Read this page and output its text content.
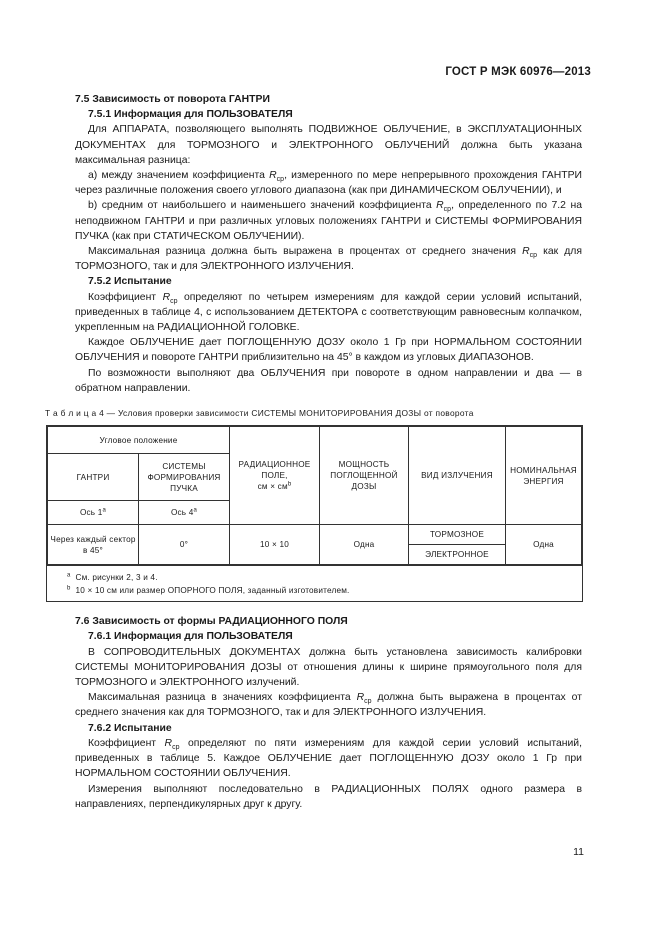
ГОСТ Р МЭК 60976—2013

7.5 Зависимость от поворота ГАНТРИ

7.5.1 Информация для ПОЛЬЗОВАТЕЛЯ

Для АППАРАТА, позволяющего выполнять ПОДВИЖНОЕ ОБЛУЧЕНИЕ, в ЭКСПЛУАТАЦИОННЫХ ДОКУМЕНТАХ для ТОРМОЗНОГО и ЭЛЕКТРОННОГО ОБЛУЧЕНИЙ должна быть указана максимальная разница:

a) между значением коэффициента $R_{ср}$, измеренного по мере непрерывного прохождения ГАНТРИ через различные положения своего углового диапазона (как при ДИНАМИЧЕСКОМ ОБЛУЧЕНИИ), и

b) средним от наибольшего и наименьшего значений коэффициента $R_{ср}$, определенного по 7.2 на неподвижном ГАНТРИ и при различных угловых положениях ГАНТРИ и СИСТЕМЫ ФОРМИРОВАНИЯ ПУЧКА (как при СТАТИЧЕСКОМ ОБЛУЧЕНИИ).

Максимальная разница должна быть выражена в процентах от среднего значения $R_{ср}$ как для ТОРМОЗНОГО, так и для ЭЛЕКТРОННОГО ИЗЛУЧЕНИЯ.

7.5.2 Испытание

Коэффициент $R_{ср}$ определяют по четырем измерениям для каждой серии условий испытаний, приведенных в таблице 4, с использованием ДЕТЕКТОРА с соответствующим равновесным колпачком, укрепленным на РАДИАЦИОННОЙ ГОЛОВКЕ.

Каждое ОБЛУЧЕНИЕ дает ПОГЛОЩЕННУЮ ДОЗУ около 1 Гр при НОРМАЛЬНОМ СОСТОЯНИИ ОБЛУЧЕНИЯ и повороте ГАНТРИ приблизительно на 45° в каждом из угловых ДИАПАЗОНОВ.

По возможности выполняют два ОБЛУЧЕНИЯ при повороте в одном направлении и два — в обратном направлении.

Т а б л и ц а 4 — Условия проверки зависимости СИСТЕМЫ МОНИТОРИРОВАНИЯ ДОЗЫ от поворота
Угловое положение		РАДИАЦИОННОЕ ПОЛЕ,
см × $см^b$	МОЩНОСТЬ ПОГЛОЩЕННОЙ ДОЗЫ	ВИД ИЗЛУЧЕНИЯ	НОМИНАЛЬНАЯ ЭНЕРГИЯ
ГАНТРИ	СИСТЕМЫ ФОРМИРОВАНИЯ ПУЧКА				
Ось 1$^a$	Ось 4$^a$
Через каждый сектор в 45°	0°	10 × 10	Одна	ТОРМОЗНОЕ	Одна
				ЭЛЕКТРОННОЕ	
$^a$ См. рисунки 2, 3 и 4.
$^b$ 10 × 10 см или размер ОПОРНОГО ПОЛЯ, заданный изготовителем.

7.6 Зависимость от формы РАДИАЦИОННОГО ПОЛЯ

7.6.1 Информация для ПОЛЬЗОВАТЕЛЯ

В СОПРОВОДИТЕЛЬНЫХ ДОКУМЕНТАХ должна быть установлена зависимость калибровки СИСТЕМЫ МОНИТОРИРОВАНИЯ ДОЗЫ от отношения длины к ширине прямоугольного поля для ТОРМОЗНОГО и ЭЛЕКТРОННОГО излучений.

Максимальная разница в значениях коэффициента $R_{ср}$ должна быть выражена в процентах от среднего значения как для ТОРМОЗНОГО, так и для ЭЛЕКТРОННОГО ИЗЛУЧЕНИЯ.

7.6.2 Испытание

Коэффициент $R_{ср}$ определяют по пяти измерениям для каждой серии условий испытаний, приведенных в таблице 5. Каждое ОБЛУЧЕНИЕ дает ПОГЛОЩЕННУЮ ДОЗУ около 1 Гр при НОРМАЛЬНОМ СОСТОЯНИИ ОБЛУЧЕНИЯ.

Измерения выполняют последовательно в РАДИАЦИОННЫХ ПОЛЯХ одного размера в направлениях, перпендикулярных друг к другу.

11
